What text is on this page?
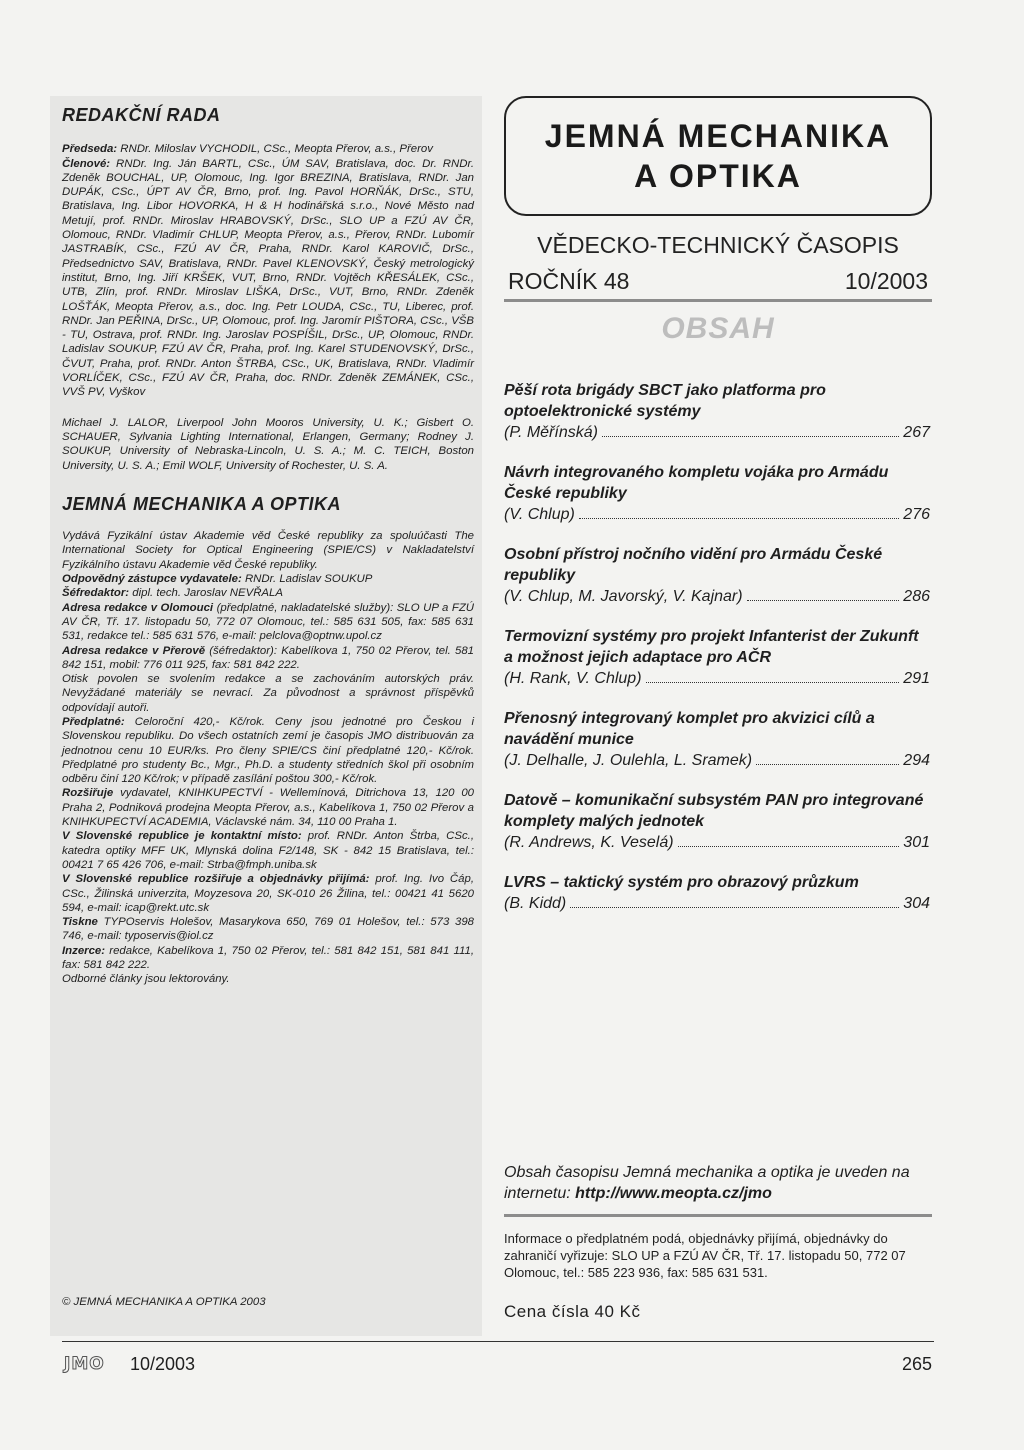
REDAKČNÍ RADA

Předseda: RNDr. Miloslav VYCHODIL, CSc., Meopta Přerov, a.s., Přerov

Členové: RNDr. Ing. Ján BARTL, CSc., ÚM SAV, Bratislava, doc. Dr. RNDr. Zdeněk BOUCHAL, UP, Olomouc, Ing. Igor BREZINA, Bratislava, RNDr. Jan DUPÁK, CSc., ÚPT AV ČR, Brno, prof. Ing. Pavol HORŇÁK, DrSc., STU, Bratislava, Ing. Libor HOVORKA, H & H hodinářská s.r.o., Nové Město nad Metují, prof. RNDr. Miroslav HRABOVSKÝ, DrSc., SLO UP a FZÚ AV ČR, Olomouc, RNDr. Vladimír CHLUP, Meopta Přerov, a.s., Přerov, RNDr. Lubomír JASTRABÍK, CSc., FZÚ AV ČR, Praha, RNDr. Karol KAROVIČ, DrSc., Předsednictvo SAV, Bratislava, RNDr. Pavel KLENOVSKÝ, Český metrologický institut, Brno, Ing. Jiří KRŠEK, VUT, Brno, RNDr. Vojtěch KŘESÁLEK, CSc., UTB, Zlín, prof. RNDr. Miroslav LIŠKA, DrSc., VUT, Brno, RNDr. Zdeněk LOŠŤÁK, Meopta Přerov, a.s., doc. Ing. Petr LOUDA, CSc., TU, Liberec, prof. RNDr. Jan PEŘINA, DrSc., UP, Olomouc, prof. Ing. Jaromír PIŠTORA, CSc., VŠB - TU, Ostrava, prof. RNDr. Ing. Jaroslav POSPÍŠIL, DrSc., UP, Olomouc, RNDr. Ladislav SOUKUP, FZÚ AV ČR, Praha, prof. Ing. Karel STUDENOVSKÝ, DrSc., ČVUT, Praha, prof. RNDr. Anton ŠTRBA, CSc., UK, Bratislava, RNDr. Vladimír VORLÍČEK, CSc., FZÚ AV ČR, Praha, doc. RNDr. Zdeněk ZEMÁNEK, CSc., VVŠ PV, Vyškov

Michael J. LALOR, Liverpool John Mooros University, U. K.; Gisbert O. SCHAUER, Sylvania Lighting International, Erlangen, Germany; Rodney J. SOUKUP, University of Nebraska-Lincoln, U. S. A.; M. C. TEICH, Boston University, U. S. A.; Emil WOLF, University of Rochester, U. S. A.

JEMNÁ MECHANIKA A OPTIKA

Vydává Fyzikální ústav Akademie věd České republiky za spoluúčasti The International Society for Optical Engineering (SPIE/CS) v Nakladatelství Fyzikálního ústavu Akademie věd České republiky.

Odpovědný zástupce vydavatele: RNDr. Ladislav SOUKUP

Šéfredaktor: dipl. tech. Jaroslav NEVŘALA

Adresa redakce v Olomouci (předplatné, nakladatelské služby): SLO UP a FZÚ AV ČR, Tř. 17. listopadu 50, 772 07 Olomouc, tel.: 585 631 505, fax: 585 631 531, redakce tel.: 585 631 576, e-mail: pelclova@optnw.upol.cz

Adresa redakce v Přerově (šéfredaktor): Kabelíkova 1, 750 02 Přerov, tel. 581 842 151, mobil: 776 011 925, fax: 581 842 222.

Otisk povolen se svolením redakce a se zachováním autorských práv. Nevyžádané materiály se nevrací. Za původnost a správnost příspěvků odpovídají autoři.

Předplatné: Celoroční 420,- Kč/rok. Ceny jsou jednotné pro Českou i Slovenskou republiku. Do všech ostatních zemí je časopis JMO distribuován za jednotnou cenu 10 EUR/ks. Pro členy SPIE/CS činí předplatné 120,- Kč/rok. Předplatné pro studenty Bc., Mgr., Ph.D. a studenty středních škol při osobním odběru činí 120 Kč/rok; v případě zasílání poštou 300,- Kč/rok.

Rozšiřuje vydavatel, KNIHKUPECTVÍ - Wellemínová, Ditrichova 13, 120 00 Praha 2, Podniková prodejna Meopta Přerov, a.s., Kabelíkova 1, 750 02 Přerov a KNIHKUPECTVÍ ACADEMIA, Václavské nám. 34, 110 00 Praha 1.

V Slovenské republice je kontaktní místo: prof. RNDr. Anton Štrba, CSc., katedra optiky MFF UK, Mlynská dolina F2/148, SK - 842 15 Bratislava, tel.: 00421 7 65 426 706, e-mail: Strba@fmph.uniba.sk

V Slovenské republice rozšiřuje a objednávky přijímá: prof. Ing. Ivo Čáp, CSc., Žilinská univerzita, Moyzesova 20, SK-010 26 Žilina, tel.: 00421 41 5620 594, e-mail: icap@rekt.utc.sk

Tiskne TYPOservis Holešov, Masarykova 650, 769 01 Holešov, tel.: 573 398 746, e-mail: typoservis@iol.cz

Inzerce: redakce, Kabelíkova 1, 750 02 Přerov, tel.: 581 842 151, 581 841 111, fax: 581 842 222.

Odborné články jsou lektorovány.

© JEMNÁ MECHANIKA A OPTIKA 2003
JEMNÁ MECHANIKA
A OPTIKA
VĚDECKO-TECHNICKÝ ČASOPIS
ROČNÍK 48	10/2003
OBSAH
Pěší rota brigády SBCT jako platforma pro optoelektronické systémy
(P. Měřínská)	267
Návrh integrovaného kompletu vojáka pro Armádu České republiky
(V. Chlup)	276
Osobní přístroj nočního vidění pro Armádu České republiky
(V. Chlup, M. Javorský, V. Kajnar)	286
Termovizní systémy pro projekt Infanterist der Zukunft a možnost jejich adaptace pro AČR
(H. Rank, V. Chlup)	291
Přenosný integrovaný komplet pro akvizici cílů a navádění munice
(J. Delhalle, J. Oulehla, L. Sramek)	294
Datově – komunikační subsystém PAN pro integrované komplety malých jednotek
(R. Andrews, K. Veselá)	301
LVRS – taktický systém pro obrazový průzkum
(B. Kidd)	304
Obsah časopisu Jemná mechanika a optika je uveden na internetu: http://www.meopta.cz/jmo
Informace o předplatném podá, objednávky přijímá, objednávky do zahraničí vyřizuje: SLO UP a FZÚ AV ČR, Tř. 17. listopadu 50, 772 07 Olomouc, tel.: 585 223 936, fax: 585 631 531.
Cena čísla 40 Kč
JMO 10/2003	265
